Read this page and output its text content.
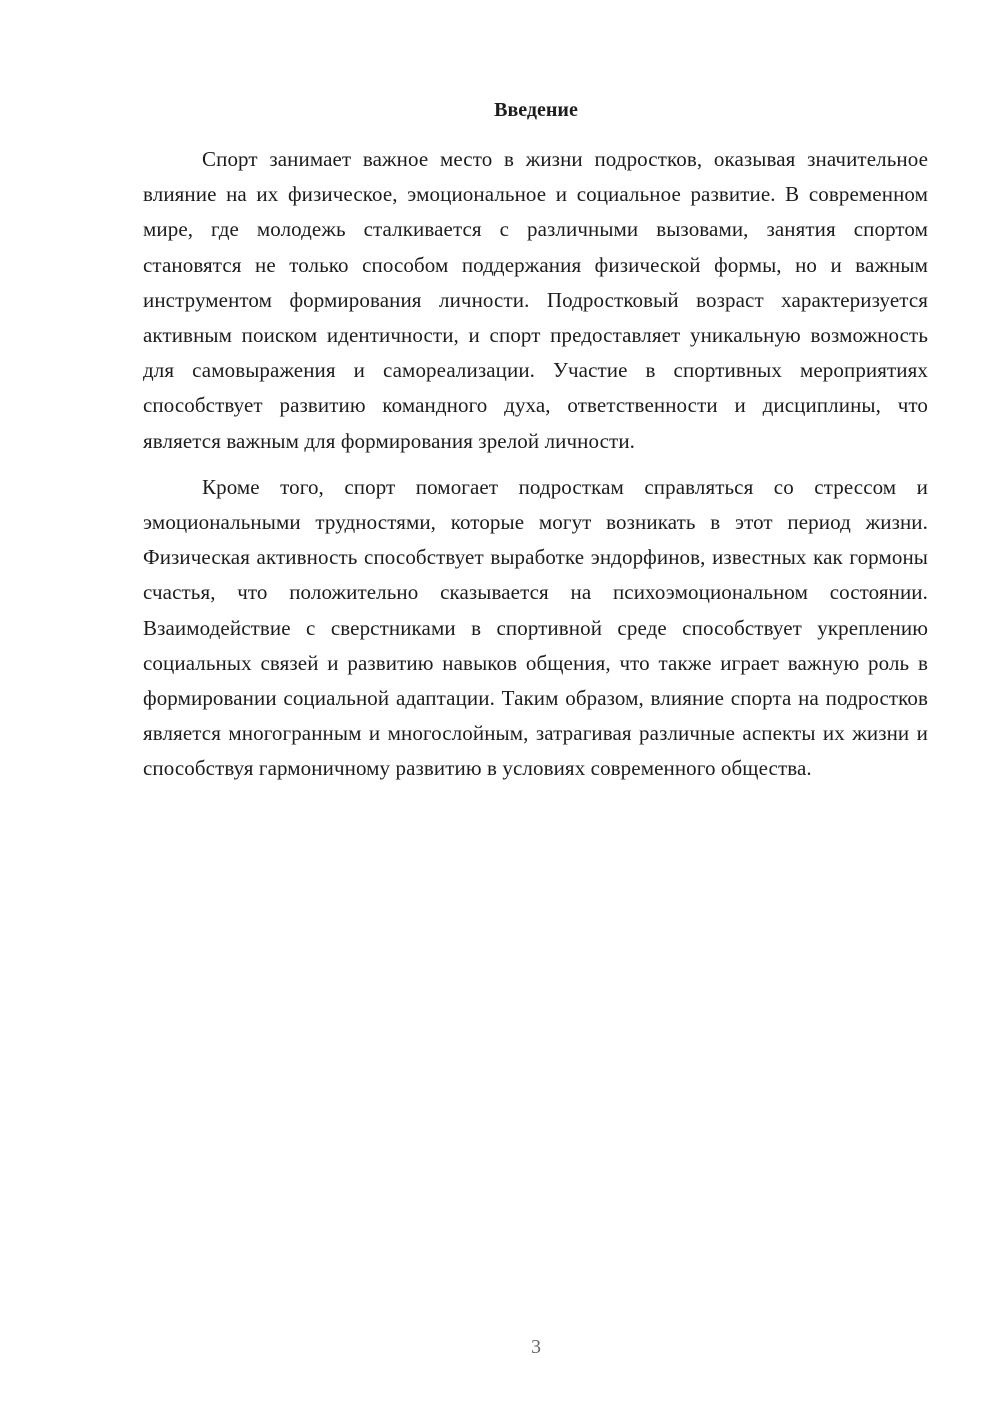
Введение

Спорт занимает важное место в жизни подростков, оказывая значительное влияние на их физическое, эмоциональное и социальное развитие. В современном мире, где молодежь сталкивается с различными вызовами, занятия спортом становятся не только способом поддержания физической формы, но и важным инструментом формирования личности. Подростковый возраст характеризуется активным поиском идентичности, и спорт предоставляет уникальную возможность для самовыражения и самореализации. Участие в спортивных мероприятиях способствует развитию командного духа, ответственности и дисциплины, что является важным для формирования зрелой личности.

Кроме того, спорт помогает подросткам справляться со стрессом и эмоциональными трудностями, которые могут возникать в этот период жизни. Физическая активность способствует выработке эндорфинов, известных как гормоны счастья, что положительно сказывается на психоэмоциональном состоянии. Взаимодействие с сверстниками в спортивной среде способствует укреплению социальных связей и развитию навыков общения, что также играет важную роль в формировании социальной адаптации. Таким образом, влияние спорта на подростков является многогранным и многослойным, затрагивая различные аспекты их жизни и способствуя гармоничному развитию в условиях современного общества.

3
